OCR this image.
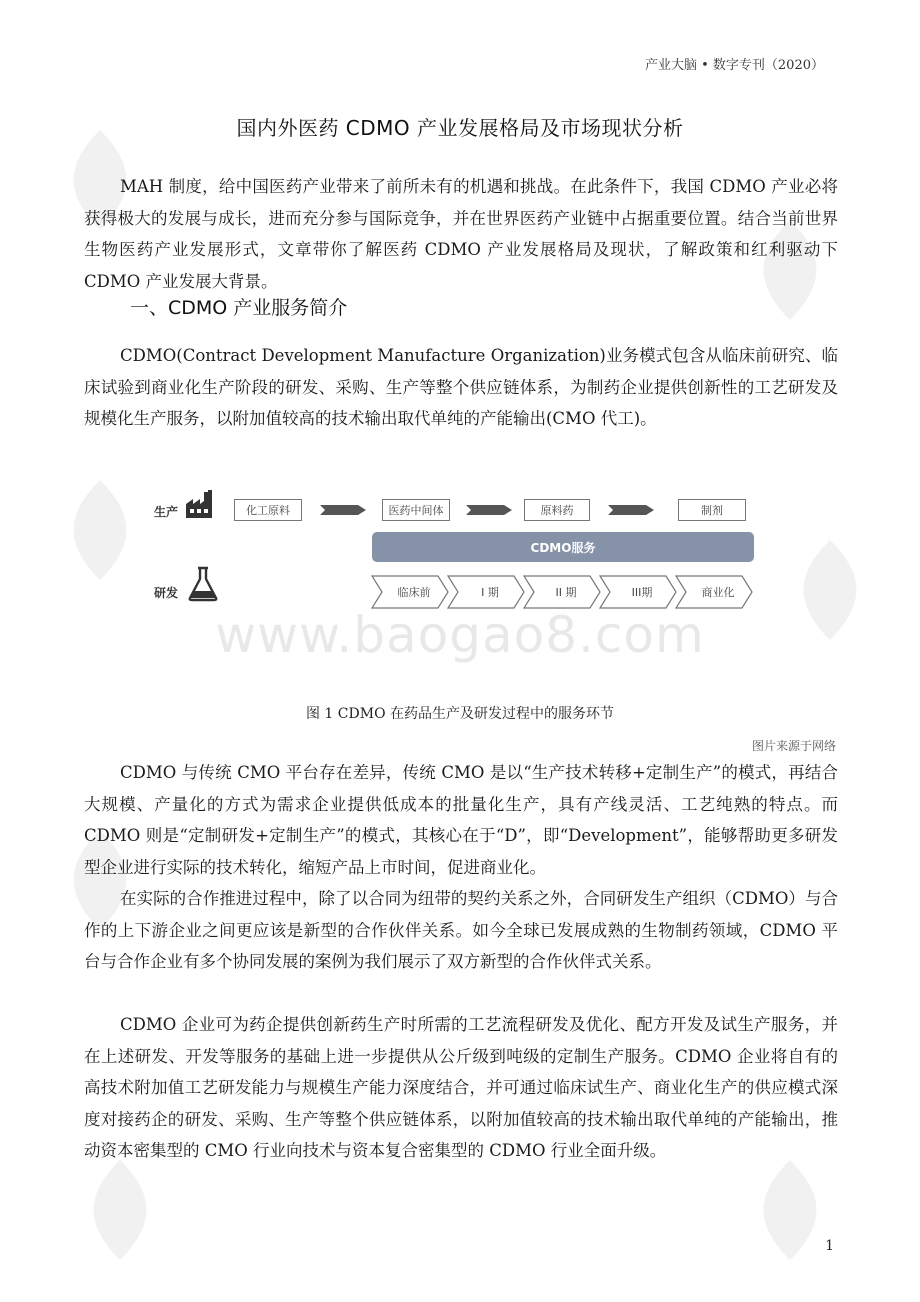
产业大脑 • 数字专刊（2020）
国内外医药 CDMO 产业发展格局及市场现状分析

MAH 制度，给中国医药产业带来了前所未有的机遇和挑战。在此条件下，我国 CDMO 产业必将获得极大的发展与成长，进而充分参与国际竞争，并在世界医药产业链中占据重要位置。结合当前世界生物医药产业发展形式，文章带你了解医药 CDMO 产业发展格局及现状，了解政策和红利驱动下 CDMO 产业发展大背景。

一、CDMO 产业服务简介

CDMO(Contract Development Manufacture Organization)业务模式包含从临床前研究、临床试验到商业化生产阶段的研发、采购、生产等整个供应链体系，为制药企业提供创新性的工艺研发及规模化生产服务，以附加值较高的技术输出取代单纯的产能输出(CMO 代工)。

生产	化工原料	医药中间体	原料药	制剂
CDMO服务
研发	临床前	I 期	II 期	III期	商业化
www.baogao8.com
图 1 CDMO 在药品生产及研发过程中的服务环节
图片来源于网络

CDMO 与传统 CMO 平台存在差异，传统 CMO 是以“生产技术转移+定制生产”的模式，再结合大规模、产量化的方式为需求企业提供低成本的批量化生产，具有产线灵活、工艺纯熟的特点。而 CDMO 则是“定制研发+定制生产”的模式，其核心在于“D”，即“Development”，能够帮助更多研发型企业进行实际的技术转化，缩短产品上市时间，促进商业化。

在实际的合作推进过程中，除了以合同为纽带的契约关系之外，合同研发生产组织（CDMO）与合作的上下游企业之间更应该是新型的合作伙伴关系。如今全球已发展成熟的生物制药领域，CDMO 平台与合作企业有多个协同发展的案例为我们展示了双方新型的合作伙伴式关系。

CDMO 企业可为药企提供创新药生产时所需的工艺流程研发及优化、配方开发及试生产服务，并在上述研发、开发等服务的基础上进一步提供从公斤级到吨级的定制生产服务。CDMO 企业将自有的高技术附加值工艺研发能力与规模生产能力深度结合，并可通过临床试生产、商业化生产的供应模式深度对接药企的研发、采购、生产等整个供应链体系，以附加值较高的技术输出取代单纯的产能输出，推动资本密集型的 CMO 行业向技术与资本复合密集型的 CDMO 行业全面升级。

1
